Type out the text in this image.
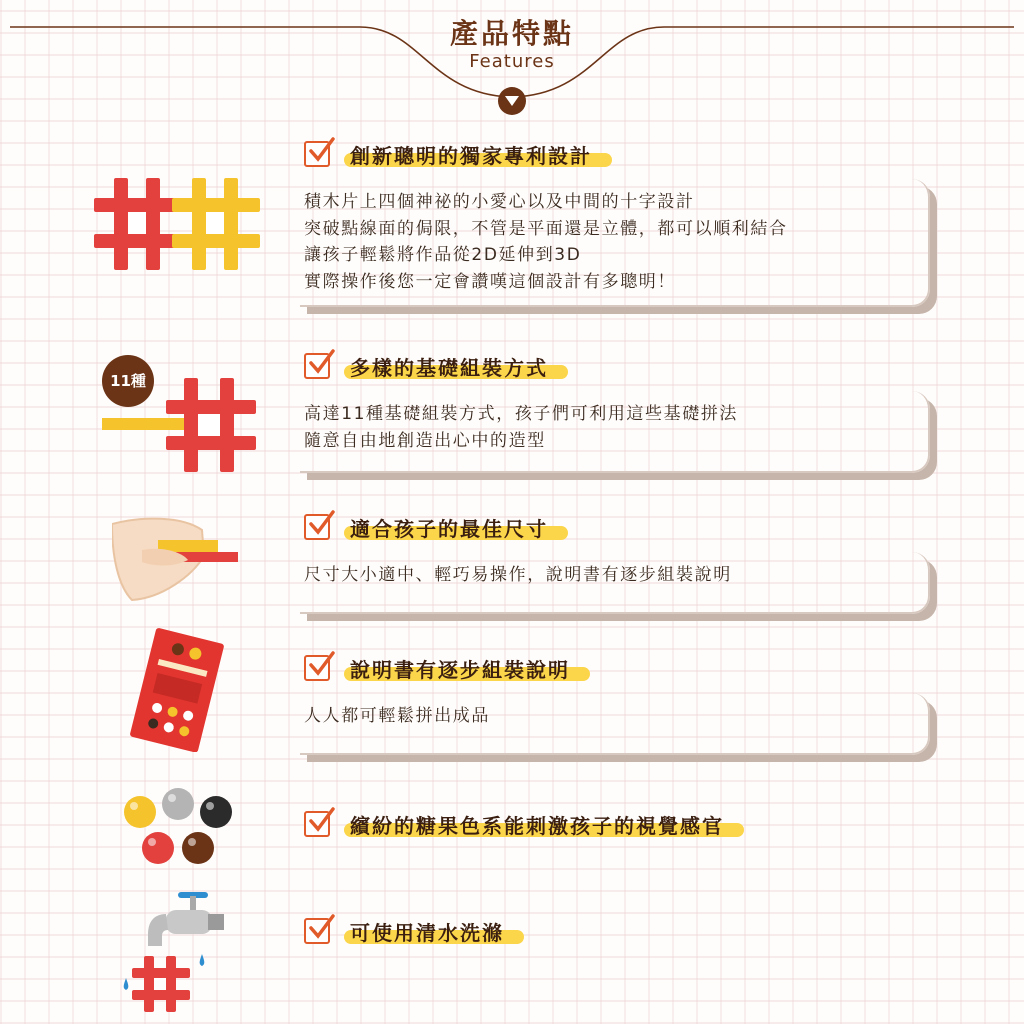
產品特點
Features
11種
創新聰明的獨家專利設計

積木片上四個神祕的小愛心以及中間的十字設計

突破點線面的侷限，不管是平面還是立體，都可以順利結合

讓孩子輕鬆將作品從2D延伸到3D

實際操作後您一定會讚嘆這個設計有多聰明！

多樣的基礎組裝方式

高達11種基礎組裝方式，孩子們可利用這些基礎拼法

隨意自由地創造出心中的造型

適合孩子的最佳尺寸

尺寸大小適中、輕巧易操作，說明書有逐步組裝說明

說明書有逐步組裝說明

人人都可輕鬆拼出成品

繽紛的糖果色系能刺激孩子的視覺感官
可使用清水洗滌
